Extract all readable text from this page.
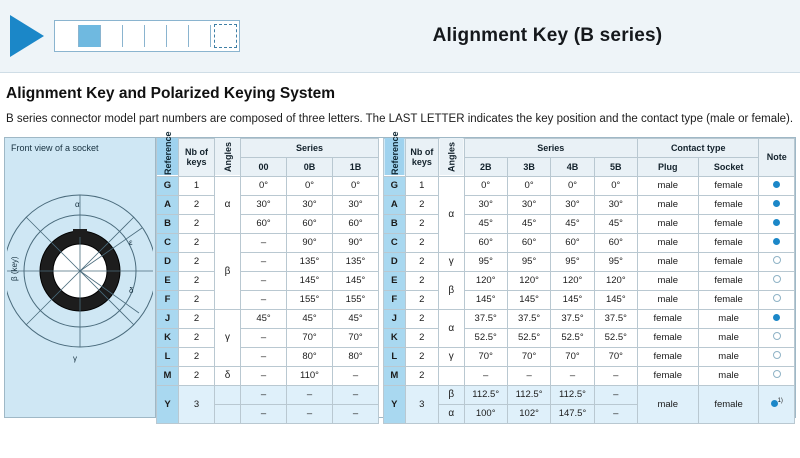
Alignment Key (B series)
Alignment Key and Polarized Keying System

B series connector model part numbers are composed of three letters. The LAST LETTER indicates the key position and the contact type (male or female).

Front view of a socket
α
β (key)
γ
δ
ε
Reference	Nb of keys	Angles	Series		
			00	0B	1B
G	1	α	0°	0°	0°
A	2		30°	30°	30°
B	2		60°	60°	60°
C	2	β	–	90°	90°
D	2		–	135°	135°
E	2		–	145°	145°
F	2		–	155°	155°
J	2	γ	45°	45°	45°
K	2		–	70°	70°
L	2		–	80°	80°
M	2	δ	–	110°	–
Y	3		–	–	–
			–	–	–
Reference	Nb of keys	Angles	Series				Contact type		Note
			2B	3B	4B	5B	Plug	Socket	
G	1	α	0°	0°	0°	0°	male	female	
A	2		30°	30°	30°	30°	male	female	
B	2		45°	45°	45°	45°	male	female	
C	2		60°	60°	60°	60°	male	female	
D	2	γ	95°	95°	95°	95°	male	female	
E	2	β	120°	120°	120°	120°	male	female	
F	2		145°	145°	145°	145°	male	female	
J	2	α	37.5°	37.5°	37.5°	37.5°	female	male	
K	2		52.5°	52.5°	52.5°	52.5°	female	male	
L	2	γ	70°	70°	70°	70°	female	male	
M	2		–	–	–	–	female	male	
Y	3	β	112.5°	112.5°	112.5°	–	male	female	$^{1)}$
		α	100°	102°	147.5°	–			
